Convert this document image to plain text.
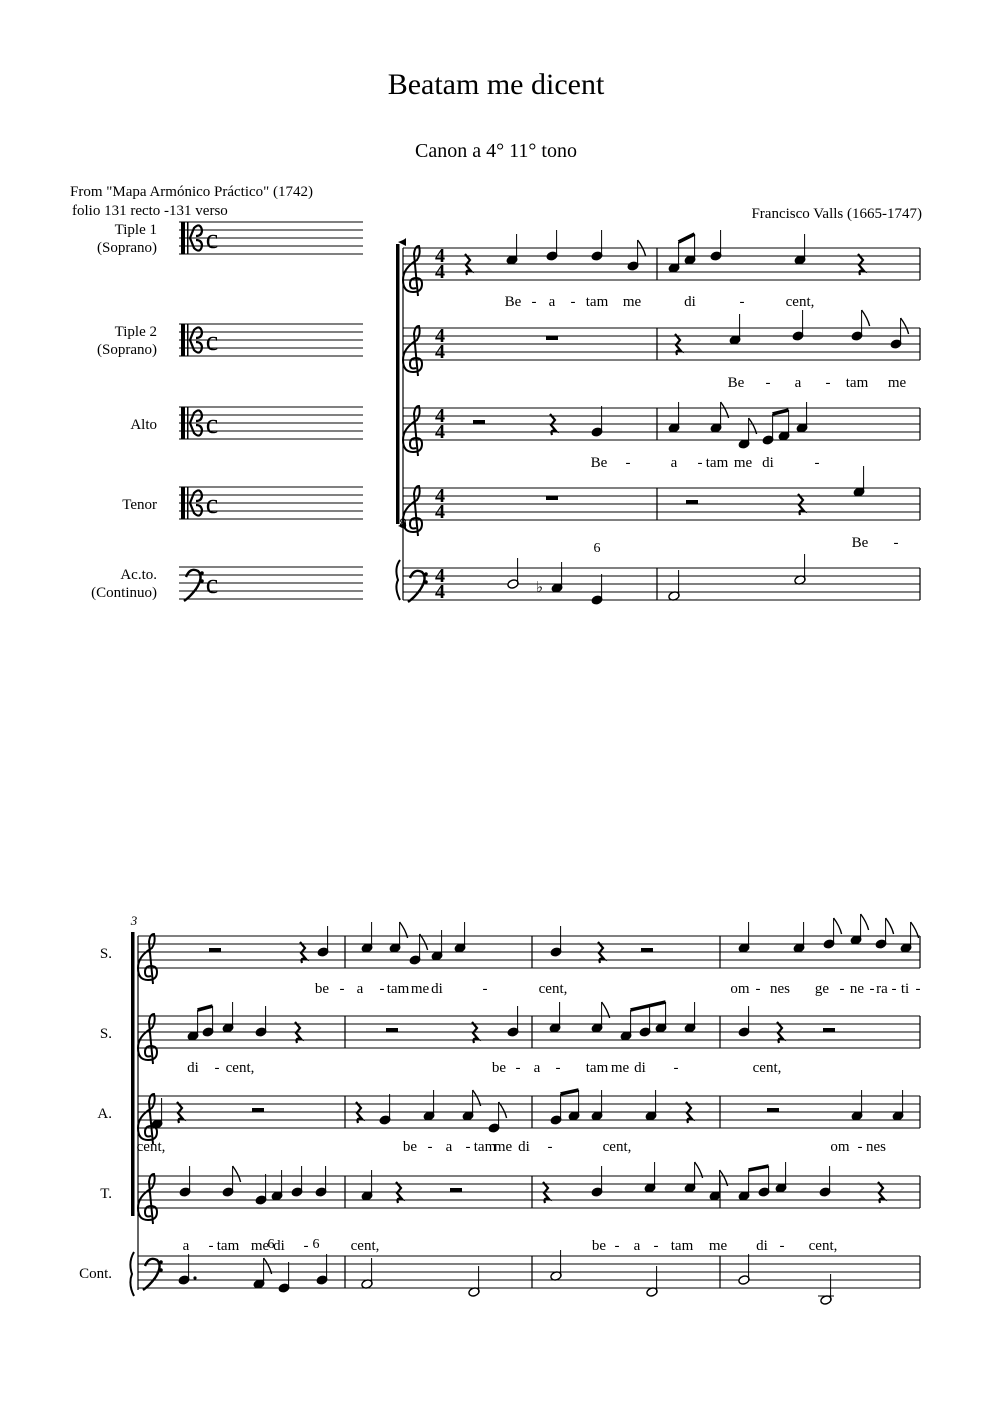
Beatam me dicent
Canon a 4° 11° tono
From "Mapa Armónico Práctico" (1742)
folio 131 recto -131 verso	Francisco Valls (1665-1747)
c
Tiple 1
(Soprano)
c
Tiple 2
(Soprano)
c
Alto
c
Tenor
c
Ac.to.
(Continuo)
4
4
4
4
4
4
4
4
4
4
Be - a - tam me	di	-	cent,
Be - a - tam me
Be -	a - tam me di	-
Be -
8
♭
6
S.
S.
A.
T.
Cont.
3
be - a - tam me di	-	cent,	om - nes ge - ne - ra - ti -
di - cent,	be - a - tam me di -	cent,
cent,	be - a - tam
me di -	cent,	om - nes
a - tam me di -	cent,	be - a - tam me di - cent,
6	6
